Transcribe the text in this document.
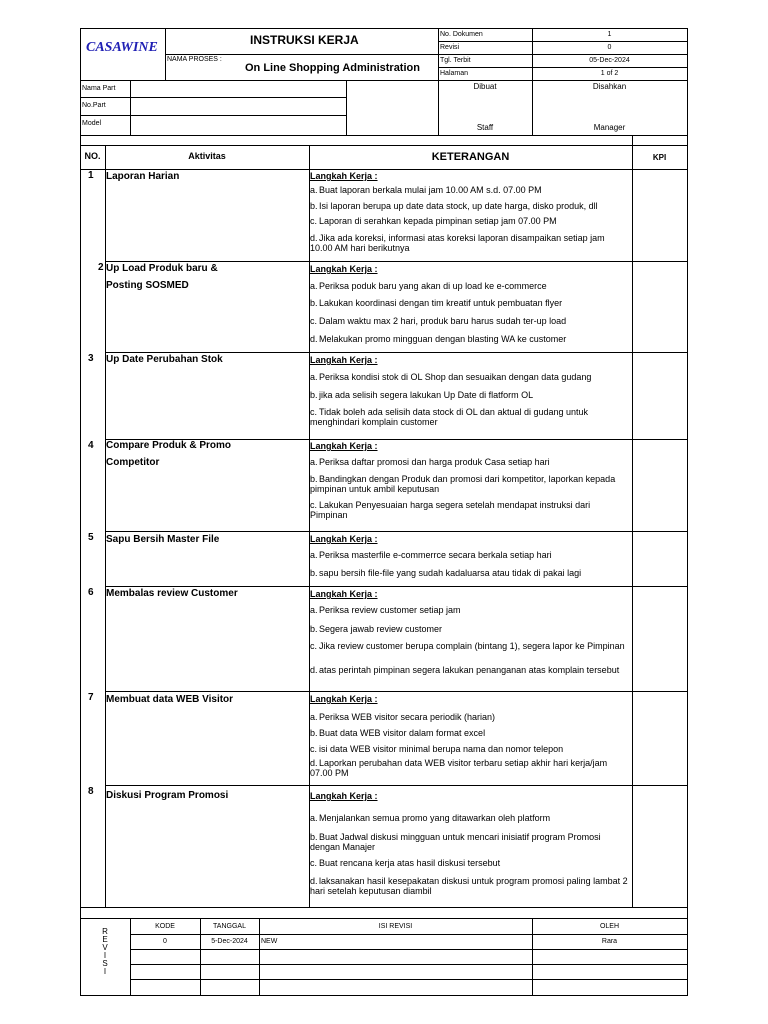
CASAWINE	INSTRUKSI KERJA
NAMA PROSES :
On Line Shopping Administration
No. Dokumen	1
Revisi	0
Tgl. Terbit	05-Dec-2024
Halaman	1 of 2
Nama Part
No.Part
Model
Dibuat	Disahkan
Staff	Manager
NO.	Aktivitas	KETERANGAN	KPI
1 Laporan Harian	Langkah Kerja :
a.Buat laporan berkala mulai jam 10.00 AM s.d. 07.00 PM
b.Isi laporan berupa up date data stock, up date harga, disko produk, dll
c. Laporan di serahkan kepada pimpinan setiap jam 07.00 PM
d.Jika ada koreksi, informasi atas koreksi laporan disampaikan setiap jam 10.00 AM hari berikutnya
2 Up Load Produk baru &
Posting SOSMED
Langkah Kerja :
a.Periksa poduk baru yang akan di up load ke e-commerce
b.Lakukan koordinasi dengan tim kreatif untuk pembuatan flyer
c. Dalam waktu max 2 hari, produk baru harus sudah ter-up load
d.Melakukan promo mingguan dengan blasting WA ke customer
3 Up Date Perubahan Stok	Langkah Kerja :
a.Periksa kondisi stok di OL Shop dan sesuaikan dengan data gudang
b.jika ada selisih segera lakukan Up Date di flatform OL
c. Tidak boleh ada selisih data stock di OL dan aktual di gudang untuk menghindari komplain customer
4 Compare Produk & Promo
Competitor
Langkah Kerja :
a.Periksa daftar promosi dan harga produk Casa setiap hari
b.Bandingkan dengan Produk dan promosi dari kompetitor, laporkan kepada pimpinan untuk ambil keputusan
c. Lakukan Penyesuaian harga segera setelah mendapat instruksi dari Pimpinan
5 Sapu Bersih Master File	Langkah Kerja :
a.Periksa masterfile e-commerrce secara berkala setiap hari
b.sapu bersih file-file yang sudah kadaluarsa atau tidak di pakai lagi
6 Membalas review Customer	Langkah Kerja :
a.Periksa review customer setiap jam
b.Segera jawab review customer
c. Jika review customer berupa complain (bintang 1), segera lapor ke Pimpinan
d.atas perintah pimpinan segera lakukan penanganan atas komplain tersebut
7 Membuat data WEB Visitor	Langkah Kerja :
a.Periksa WEB visitor secara periodik (harian)
b.Buat data WEB visitor dalam format excel
c. isi data WEB visitor minimal berupa nama dan nomor telepon
d.Laporkan perubahan data WEB visitor terbaru setiap akhir hari kerja/jam 07.00 PM
8 Diskusi Program Promosi	Langkah Kerja :
a.Menjalankan semua promo yang ditawarkan oleh platform
b.Buat Jadwal diskusi mingguan untuk mencari inisiatif program Promosi dengan Manajer
c. Buat rencana kerja atas hasil diskusi tersebut
d.laksanakan hasil kesepakatan diskusi untuk program promosi paling lambat 2 hari setelah keputusan diambil
R
E
V
I
S
I
KODE	TANGGAL	ISI REVISI	OLEH
0	5-Dec-2024	NEW	Rara
